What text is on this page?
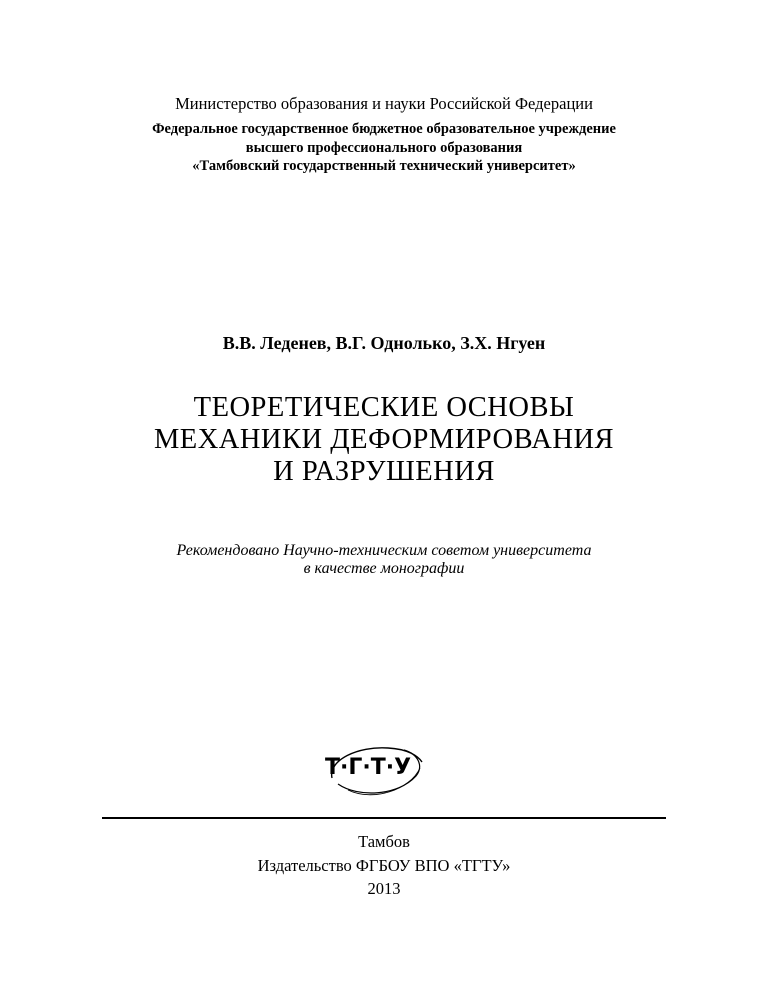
Министерство образования и науки Российской Федерации
Федеральное государственное бюджетное образовательное учреждение
высшего профессионального образования
«Тамбовский государственный технический университет»
В.В. Леденев, В.Г. Однолько, З.Х. Нгуен
ТЕОРЕТИЧЕСКИЕ ОСНОВЫ
МЕХАНИКИ ДЕФОРМИРОВАНИЯ
И РАЗРУШЕНИЯ
Рекомендовано Научно-техническим советом университета
в качестве монографии
Т·Г·Т·У
Тамбов
Издательство ФГБОУ ВПО «ТГТУ»
2013
